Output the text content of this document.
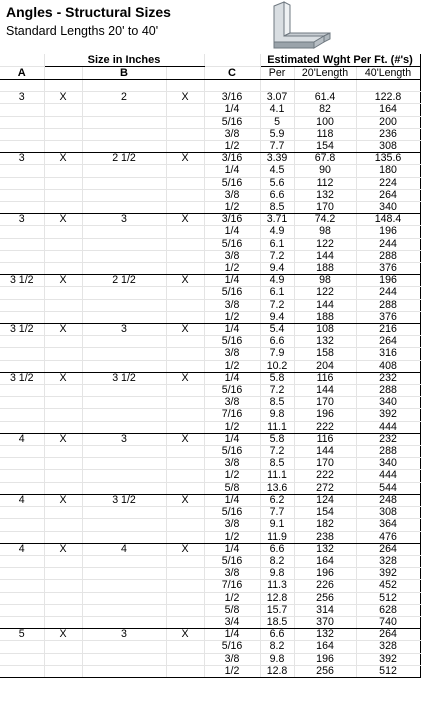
Angles - Structural Sizes
Standard Lengths 20' to 40'
	Size in Inches				Estimated Wght Per Ft. (#'s)		
A		B		C	Per	20'Length	40'Length

3	X	2	X	3/16	3.07	61.4	122.8
				1/4	4.1	82	164
				5/16	5	100	200
				3/8	5.9	118	236
				1/2	7.7	154	308
3	X	2 1/2	X	3/16	3.39	67.8	135.6
				1/4	4.5	90	180
				5/16	5.6	112	224
				3/8	6.6	132	264
				1/2	8.5	170	340
3	X	3	X	3/16	3.71	74.2	148.4
				1/4	4.9	98	196
				5/16	6.1	122	244
				3/8	7.2	144	288
				1/2	9.4	188	376
3 1/2	X	2 1/2	X	1/4	4.9	98	196
				5/16	6.1	122	244
				3/8	7.2	144	288
				1/2	9.4	188	376
3 1/2	X	3	X	1/4	5.4	108	216
				5/16	6.6	132	264
				3/8	7.9	158	316
				1/2	10.2	204	408
3 1/2	X	3 1/2	X	1/4	5.8	116	232
				5/16	7.2	144	288
				3/8	8.5	170	340
				7/16	9.8	196	392
				1/2	11.1	222	444
4	X	3	X	1/4	5.8	116	232
				5/16	7.2	144	288
				3/8	8.5	170	340
				1/2	11.1	222	444
				5/8	13.6	272	544
4	X	3 1/2	X	1/4	6.2	124	248
				5/16	7.7	154	308
				3/8	9.1	182	364
				1/2	11.9	238	476
4	X	4	X	1/4	6.6	132	264
				5/16	8.2	164	328
				3/8	9.8	196	392
				7/16	11.3	226	452
				1/2	12.8	256	512
				5/8	15.7	314	628
				3/4	18.5	370	740
5	X	3	X	1/4	6.6	132	264
				5/16	8.2	164	328
				3/8	9.8	196	392
				1/2	12.8	256	512
